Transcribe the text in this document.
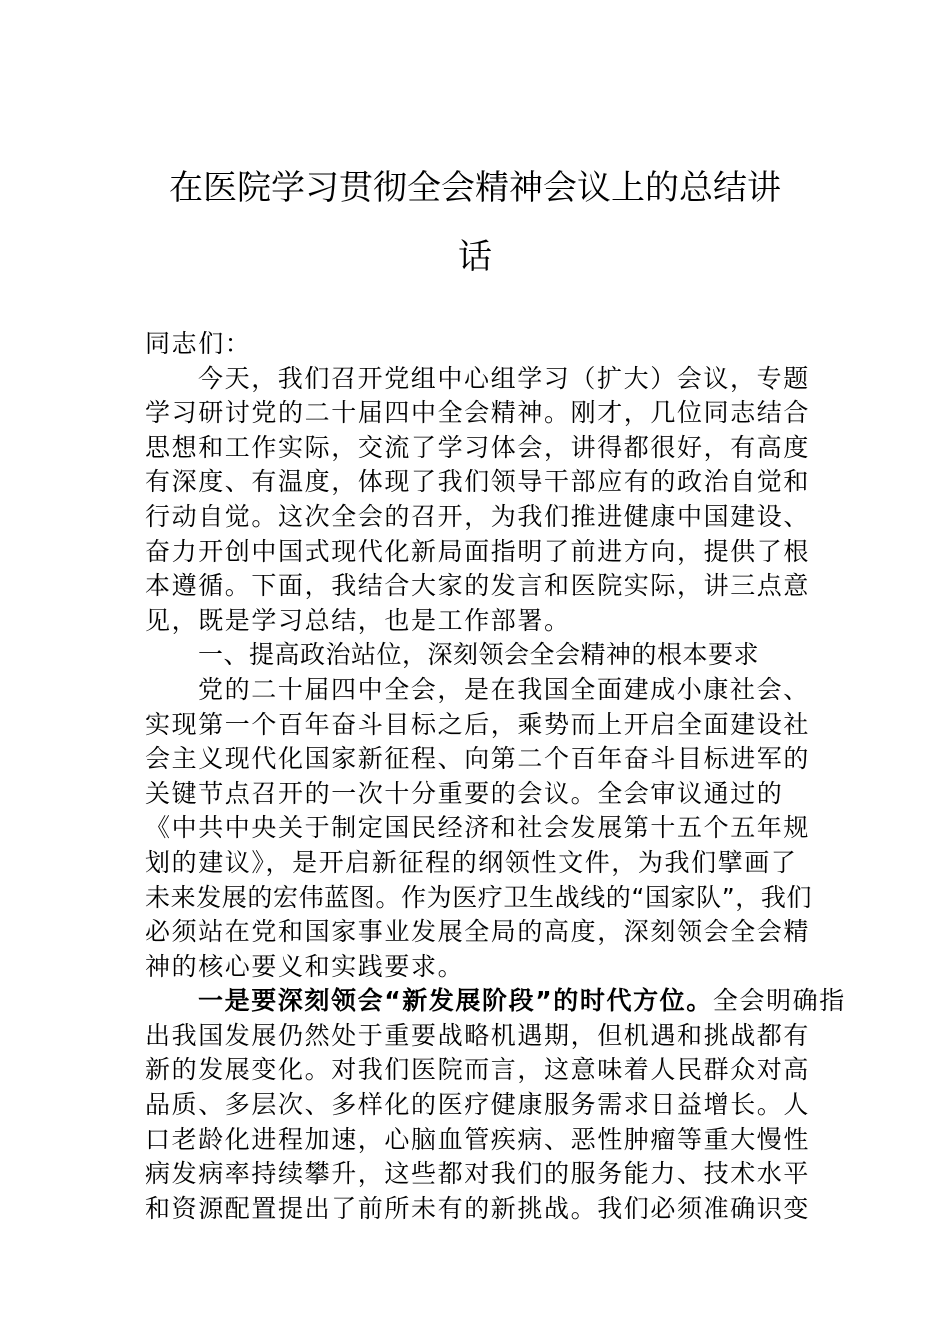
在医院学习贯彻全会精神会议上的总结讲
话
同志们：
今天，我们召开党组中心组学习（扩大）会议，专题
学习研讨党的二十届四中全会精神。刚才，几位同志结合
思想和工作实际，交流了学习体会，讲得都很好，有高度
有深度、有温度，体现了我们领导干部应有的政治自觉和
行动自觉。这次全会的召开，为我们推进健康中国建设、
奋力开创中国式现代化新局面指明了前进方向，提供了根
本遵循。下面，我结合大家的发言和医院实际，讲三点意
见，既是学习总结，也是工作部署。
一、提高政治站位，深刻领会全会精神的根本要求
党的二十届四中全会，是在我国全面建成小康社会、
实现第一个百年奋斗目标之后，乘势而上开启全面建设社
会主义现代化国家新征程、向第二个百年奋斗目标进军的
关键节点召开的一次十分重要的会议。全会审议通过的
《中共中央关于制定国民经济和社会发展第十五个五年规
划的建议》，是开启新征程的纲领性文件，为我们擘画了
未来发展的宏伟蓝图。作为医疗卫生战线的“国家队”，我们
必须站在党和国家事业发展全局的高度，深刻领会全会精
神的核心要义和实践要求。
一是要深刻领会“新发展阶段”的时代方位。全会明确指
出我国发展仍然处于重要战略机遇期，但机遇和挑战都有
新的发展变化。对我们医院而言，这意味着人民群众对高
品质、多层次、多样化的医疗健康服务需求日益增长。人
口老龄化进程加速，心脑血管疾病、恶性肿瘤等重大慢性
病发病率持续攀升，这些都对我们的服务能力、技术水平
和资源配置提出了前所未有的新挑战。我们必须准确识变
